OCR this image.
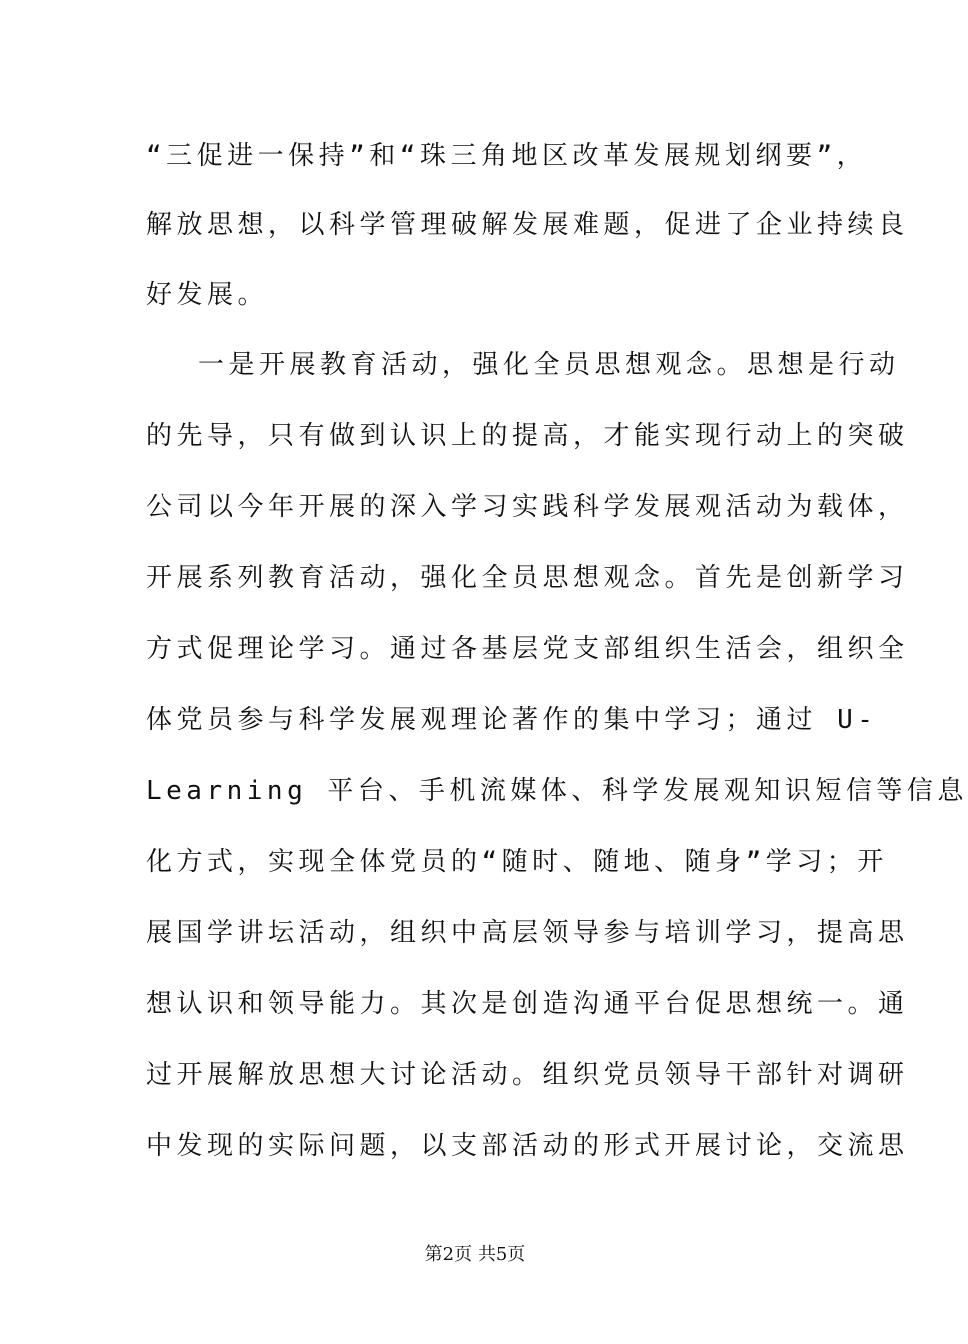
“三促进一保持”和“珠三角地区改革发展规划纲要”，
解放思想，以科学管理破解发展难题，促进了企业持续良
好发展。
一是开展教育活动，强化全员思想观念。思想是行动
的先导，只有做到认识上的提高，才能实现行动上的突破
公司以今年开展的深入学习实践科学发展观活动为载体，
开展系列教育活动，强化全员思想观念。首先是创新学习
方式促理论学习。通过各基层党支部组织生活会，组织全
体党员参与科学发展观理论著作的集中学习；通过 U-
Learning 平台、手机流媒体、科学发展观知识短信等信息
化方式，实现全体党员的“随时、随地、随身”学习；开
展国学讲坛活动，组织中高层领导参与培训学习，提高思
想认识和领导能力。其次是创造沟通平台促思想统一。通
过开展解放思想大讨论活动。组织党员领导干部针对调研
中发现的实际问题，以支部活动的形式开展讨论，交流思
第2页 共5页
